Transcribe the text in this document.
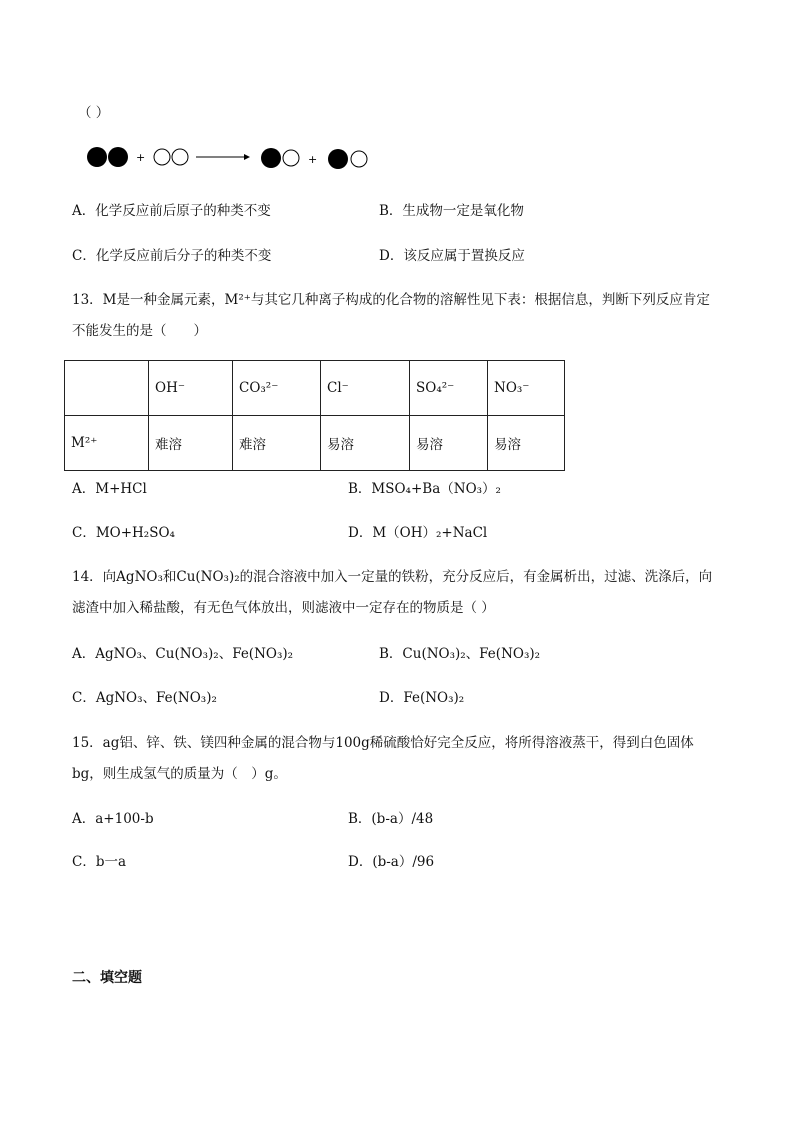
（ ）
+	+
A．化学反应前后原子的种类不变	B．生成物一定是氧化物
C．化学反应前后分子的种类不变	D．该反应属于置换反应
13．M是一种金属元素，M²⁺与其它几种离子构成的化合物的溶解性见下表：根据信息，判断下列反应肯定
不能发生的是（　　）
	OH⁻	CO₃²⁻	Cl⁻	SO₄²⁻	NO₃⁻
M²⁺	难溶	难溶	易溶	易溶	易溶
A．M+HCl	B．MSO₄+Ba（NO₃）₂
C．MO+H₂SO₄	D．M（OH）₂+NaCl
14．向AgNO₃和Cu(NO₃)₂的混合溶液中加入一定量的铁粉，充分反应后，有金属析出，过滤、洗涤后，向
滤渣中加入稀盐酸，有无色气体放出，则滤液中一定存在的物质是（ ）
A．AgNO₃、Cu(NO₃)₂、Fe(NO₃)₂	B．Cu(NO₃)₂、Fe(NO₃)₂
C．AgNO₃、Fe(NO₃)₂	D．Fe(NO₃)₂
15．ag铝、锌、铁、镁四种金属的混合物与100g稀硫酸恰好完全反应，将所得溶液蒸干，得到白色固体
bg，则生成氢气的质量为（　）g。
A．a+100-b	B．(b-a）/48
C．b一a	D．(b-a）/96
二、填空题
